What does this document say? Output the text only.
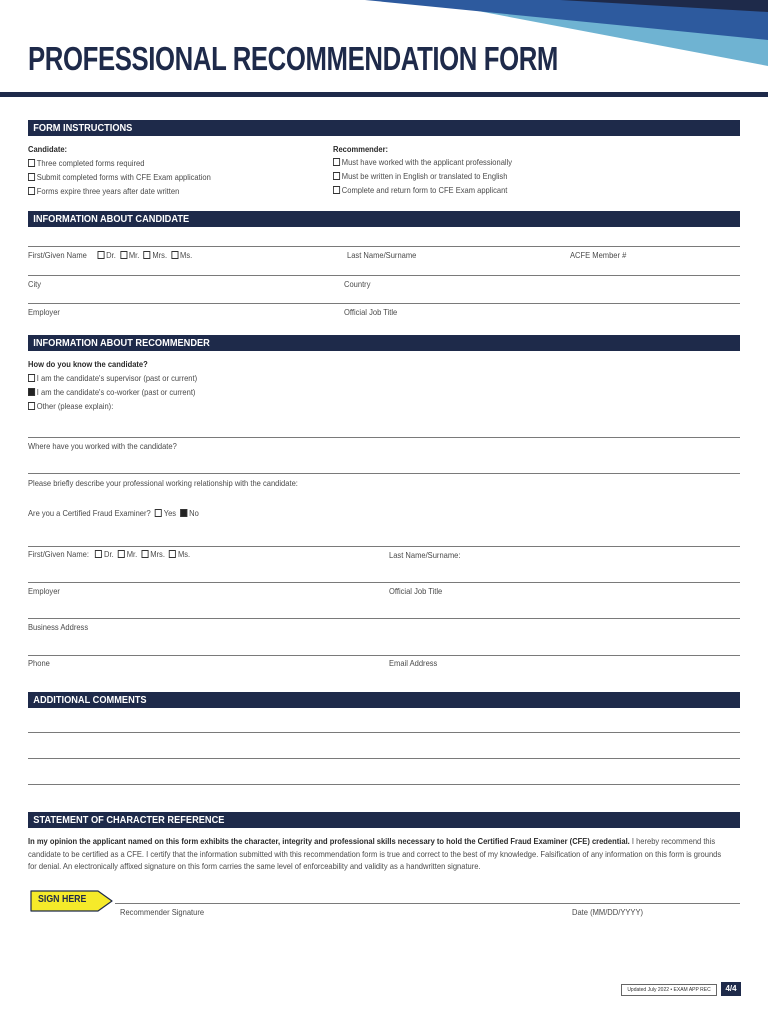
PROFESSIONAL RECOMMENDATION FORM
FORM INSTRUCTIONS
Candidate:
Three completed forms required
Submit completed forms with CFE Exam application
Forms expire three years after date written
Recommender:
Must have worked with the applicant professionally
Must be written in English or translated to English
Complete and return form to CFE Exam applicant
INFORMATION ABOUT CANDIDATE
First/Given Name Dr. Mr. Mrs. Ms.	Last Name/Surname	ACFE Member #
City	Country
Employer	Official Job Title
INFORMATION ABOUT RECOMMENDER
How do you know the candidate?
I am the candidate's supervisor (past or current)
I am the candidate's co-worker (past or current)
Other (please explain):
Where have you worked with the candidate?
Please briefly describe your professional working relationship with the candidate:
Are you a Certified Fraud Examiner? Yes No
First/Given Name: Dr. Mr. Mrs. Ms.	Last Name/Surname:
Employer	Official Job Title
Business Address
Phone	Email Address
ADDITIONAL COMMENTS
STATEMENT OF CHARACTER REFERENCE
In my opinion the applicant named on this form exhibits the character, integrity and professional skills necessary to hold the Certified Fraud Examiner (CFE) credential. I hereby recommend this candidate to be certified as a CFE. I certify that the information submitted with this recommendation form is true and correct to the best of my knowledge. Falsification of any information on this form is grounds for denial. An electronically affixed signature on this form carries the same level of enforceability and validity as a handwritten signature.
SIGN HERE
Recommender Signature	Date (MM/DD/YYYY)
Updated July 2022 • EXAM APP REC	4/4
